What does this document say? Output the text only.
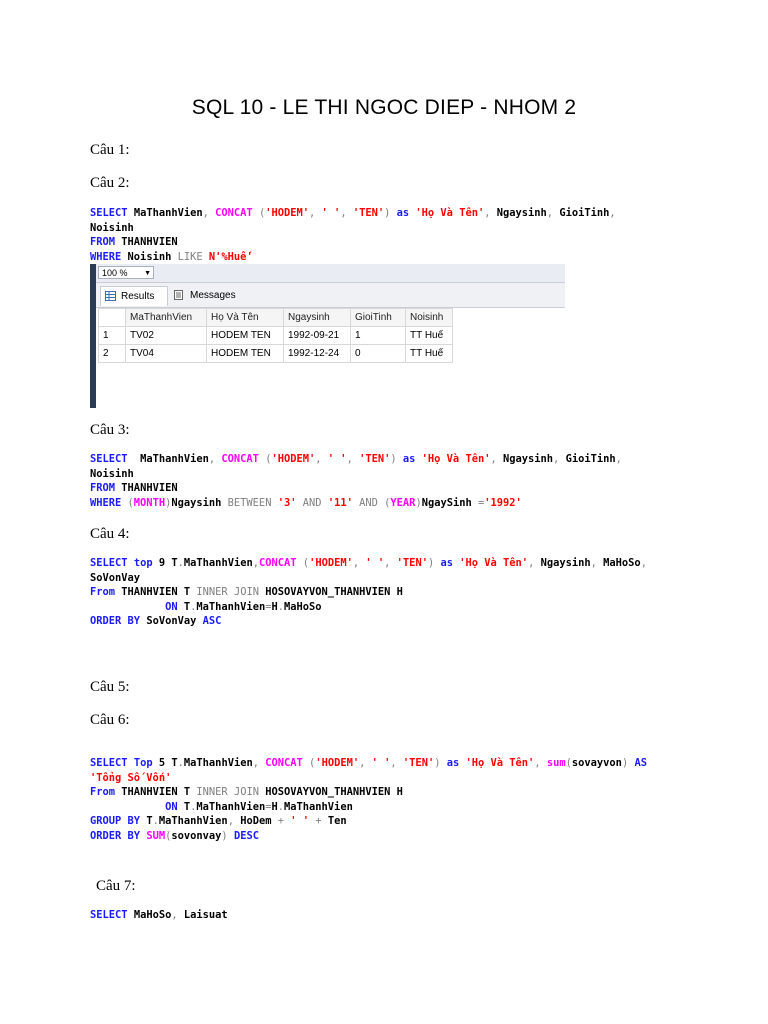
SQL 10 - LE THI NGOC DIEP - NHOM 2
Câu 1:
Câu 2:
SELECT MaThanhVien, CONCAT ('HODEM', ' ', 'TEN') as 'Họ Và Tên', Ngaysinh, GioiTinh,
Noisinh
FROM THANHVIEN
WHERE Noisinh LIKE N'%Huế'
100 % ▼
Results	Messages
	MaThanhVien	Họ Và Tên	Ngaysinh	GioiTinh	Noisinh
1	TV02	HODEM TEN	1992-09-21	1	TT Huế
2	TV04	HODEM TEN	1992-12-24	0	TT Huế
Câu 3:
SELECT MaThanhVien, CONCAT ('HODEM', ' ', 'TEN') as 'Họ Và Tên', Ngaysinh, GioiTinh,
Noisinh
FROM THANHVIEN
WHERE (MONTH)Ngaysinh BETWEEN '3' AND '11' AND (YEAR)NgaySinh ='1992'
Câu 4:
SELECT top 9 T.MaThanhVien,CONCAT ('HODEM', ' ', 'TEN') as 'Họ Và Tên', Ngaysinh, MaHoSo,
SoVonVay
From THANHVIEN T INNER JOIN HOSOVAYVON_THANHVIEN H
ON T.MaThanhVien=H.MaHoSo
ORDER BY SoVonVay ASC
Câu 5:
Câu 6:
SELECT Top 5 T.MaThanhVien, CONCAT ('HODEM', ' ', 'TEN') as 'Họ Và Tên', sum(sovayvon) AS
'Tổng Số Vốn'
From THANHVIEN T INNER JOIN HOSOVAYVON_THANHVIEN H
ON T.MaThanhVien=H.MaThanhVien
GROUP BY T.MaThanhVien, HoDem + ' ' + Ten
ORDER BY SUM(sovonvay) DESC
Câu 7:
SELECT MaHoSo, Laisuat
